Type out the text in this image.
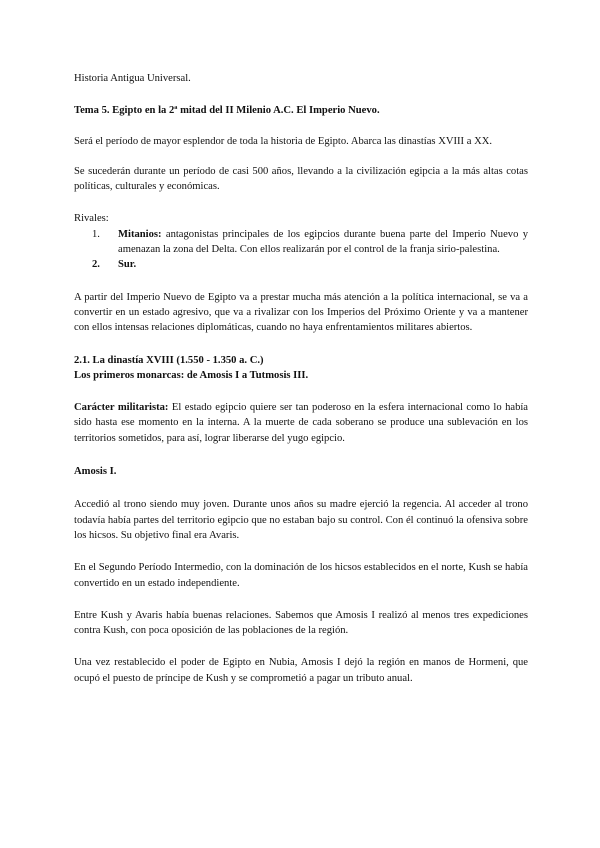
Historia Antigua Universal.

Tema 5. Egipto en la 2ª mitad del II Milenio A.C. El Imperio Nuevo.

Será el período de mayor esplendor de toda la historia de Egipto. Abarca las dinastías XVIII a XX.

Se sucederán durante un período de casi 500 años, llevando a la civilización egipcia a la más altas cotas políticas, culturales y económicas.

Rivales:

1. Mitanios: antagonistas principales de los egipcios durante buena parte del Imperio Nuevo y amenazan la zona del Delta. Con ellos realizarán por el control de la franja sirio-palestina.
2. Sur.

A partir del Imperio Nuevo de Egipto va a prestar mucha más atención a la política internacional, se va a convertir en un estado agresivo, que va a rivalizar con los Imperios del Próximo Oriente y va a mantener con ellos intensas relaciones diplomáticas, cuando no haya enfrentamientos militares abiertos.

2.1. La dinastía XVIII (1.550 - 1.350 a. C.)

Los primeros monarcas: de Amosis I a Tutmosis III.

Carácter militarista: El estado egipcio quiere ser tan poderoso en la esfera internacional como lo había sido hasta ese momento en la interna. A la muerte de cada soberano se produce una sublevación en los territorios sometidos, para así, lograr liberarse del yugo egipcio.

Amosis I.

Accedió al trono siendo muy joven. Durante unos años su madre ejerció la regencia. Al acceder al trono todavía había partes del territorio egipcio que no estaban bajo su control. Con él continuó la ofensiva sobre los hicsos. Su objetivo final era Avaris.

En el Segundo Período Intermedio, con la dominación de los hicsos establecidos en el norte, Kush se había convertido en un estado independiente.

Entre Kush y Avaris había buenas relaciones. Sabemos que Amosis I realizó al menos tres expediciones contra Kush, con poca oposición de las poblaciones de la región.

Una vez restablecido el poder de Egipto en Nubia, Amosis I dejó la región en manos de Hormeni, que ocupó el puesto de príncipe de Kush y se comprometió a pagar un tributo anual.
